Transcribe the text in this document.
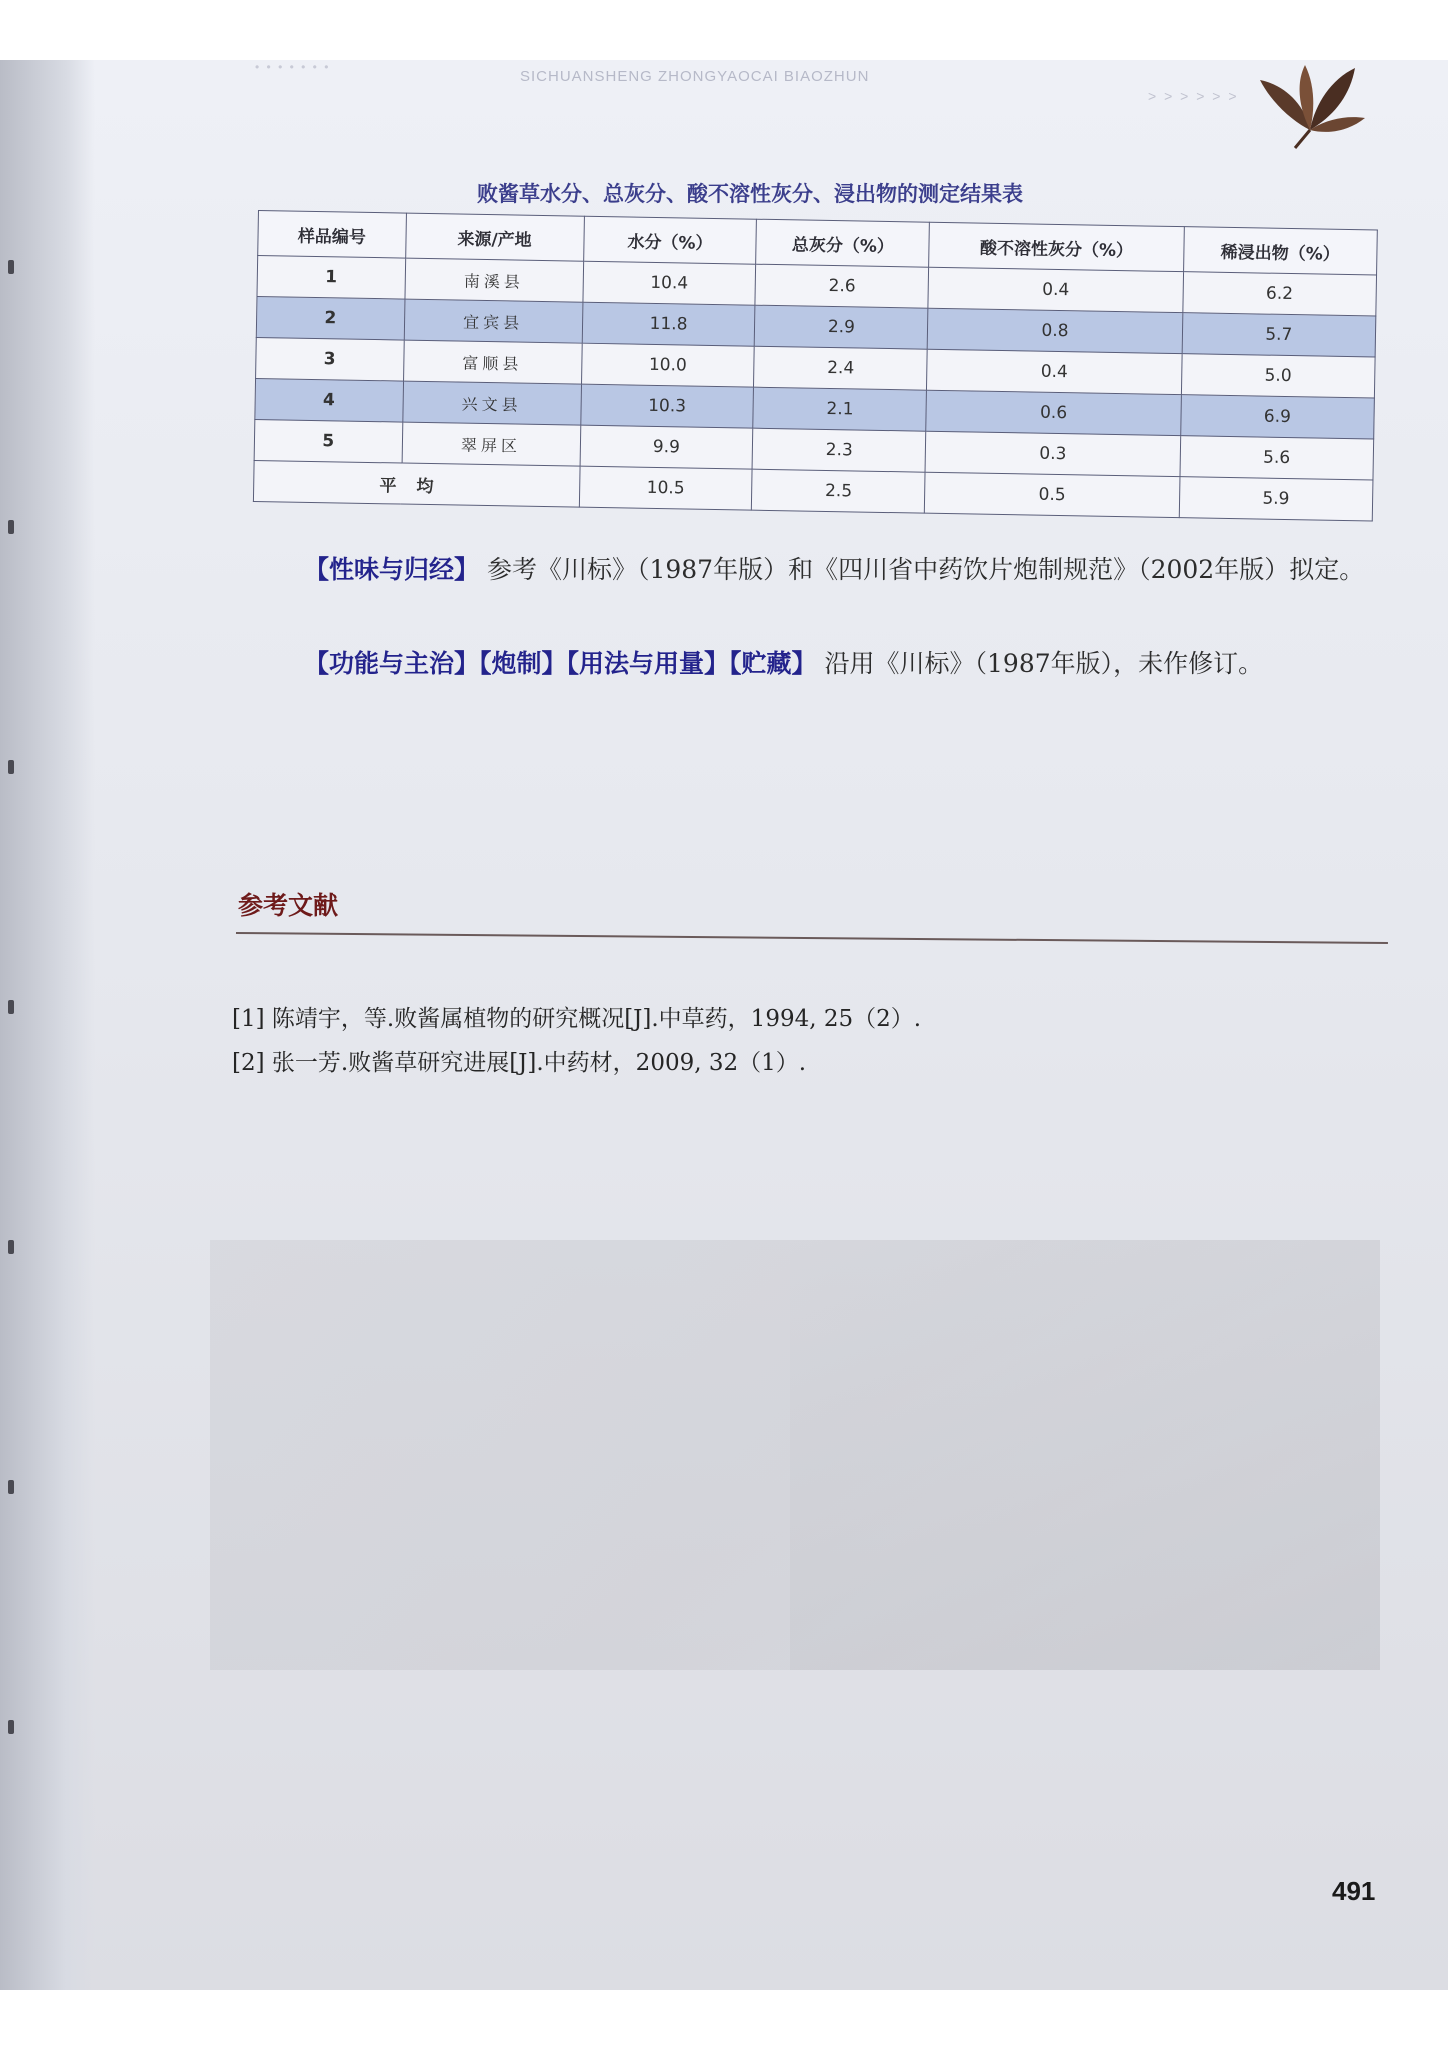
• • • • • • •
SICHUANSHENG ZHONGYAOCAI BIAOZHUN
> > > > > >
败酱草水分、总灰分、酸不溶性灰分、浸出物的测定结果表
样品编号	来源/产地	水分（%）	总灰分（%）	酸不溶性灰分（%）	稀浸出物（%）
1	南溪县	10.4	2.6	0.4	6.2
2	宜宾县	11.8	2.9	0.8	5.7
3	富顺县	10.0	2.4	0.4	5.0
4	兴文县	10.3	2.1	0.6	6.9
5	翠屏区	9.9	2.3	0.3	5.6
平均		10.5	2.5	0.5	5.9
【性味与归经】 参考《川标》（1987年版）和《四川省中药饮片炮制规范》（2002年版）拟定。
【功能与主治】【炮制】【用法与用量】【贮藏】 沿用《川标》（1987年版），未作修订。
参考文献
[1] 陈靖宇，等.败酱属植物的研究概况[J].中草药，1994, 25（2）.
[2] 张一芳.败酱草研究进展[J].中药材，2009, 32（1）.
491
